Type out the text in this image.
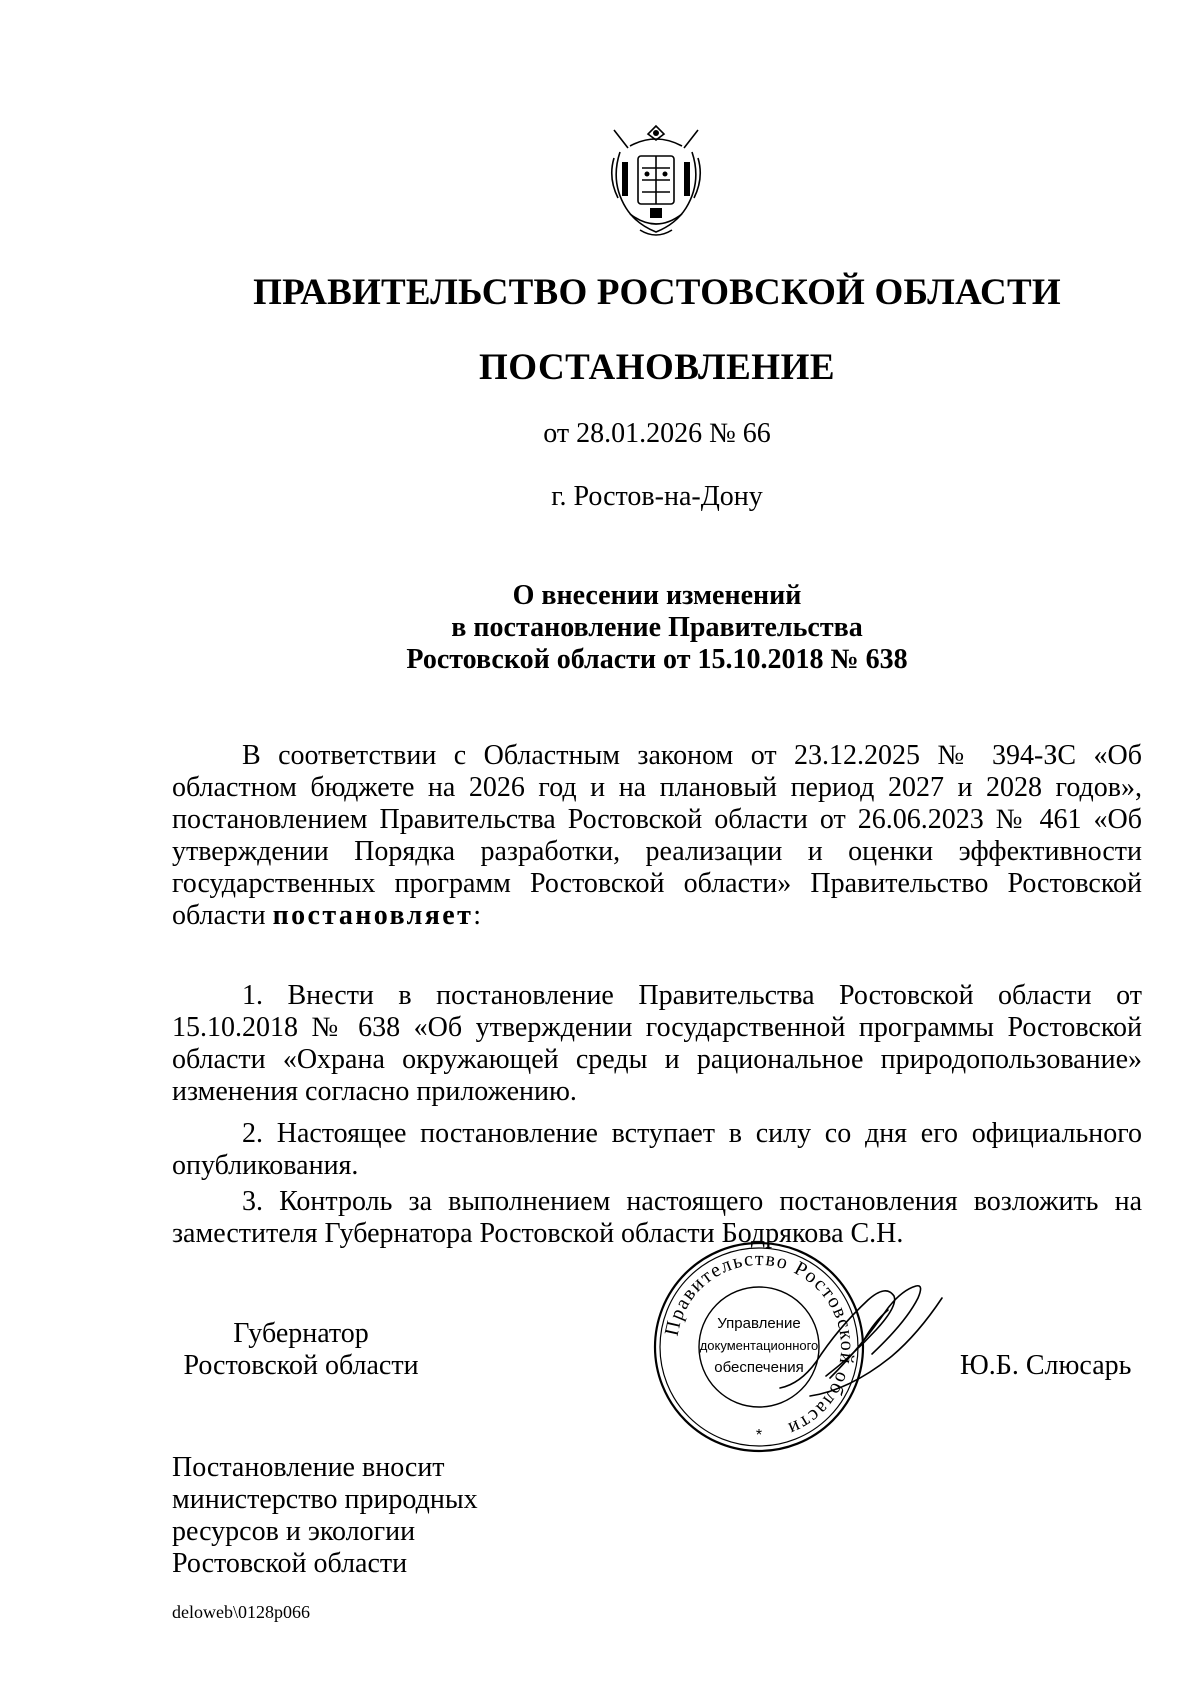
ПРАВИТЕЛЬСТВО РОСТОВСКОЙ ОБЛАСТИ
ПОСТАНОВЛЕНИЕ
от 28.01.2026 № 66
г. Ростов-на-Дону
О внесении изменений
в постановление Правительства
Ростовской области от 15.10.2018 № 638

В соответствии с Областным законом от 23.12.2025 № 394-ЗС «Об областном бюджете на 2026 год и на плановый период 2027 и 2028 годов», постановлением Правительства Ростовской области от 26.06.2023 № 461 «Об утверждении Порядка разработки, реализации и оценки эффективности государственных программ Ростовской области» Правительство Ростовской области постановляет:

1. Внести в постановление Правительства Ростовской области от 15.10.2018 № 638 «Об утверждении государственной программы Ростовской области «Охрана окружающей среды и рациональное природопользование» изменения согласно приложению.

2. Настоящее постановление вступает в силу со дня его официального опубликования.

3. Контроль за выполнением настоящего постановления возложить на заместителя Губернатора Ростовской области Бодрякова С.Н.

Губернатор
Ростовской области
Правительство Ростовской области
Управление
документационного
обеспечения
*
Ю.Б. Слюсарь
Постановление вносит
министерство природных
ресурсов и экологии
Ростовской области
deloweb\0128p066
